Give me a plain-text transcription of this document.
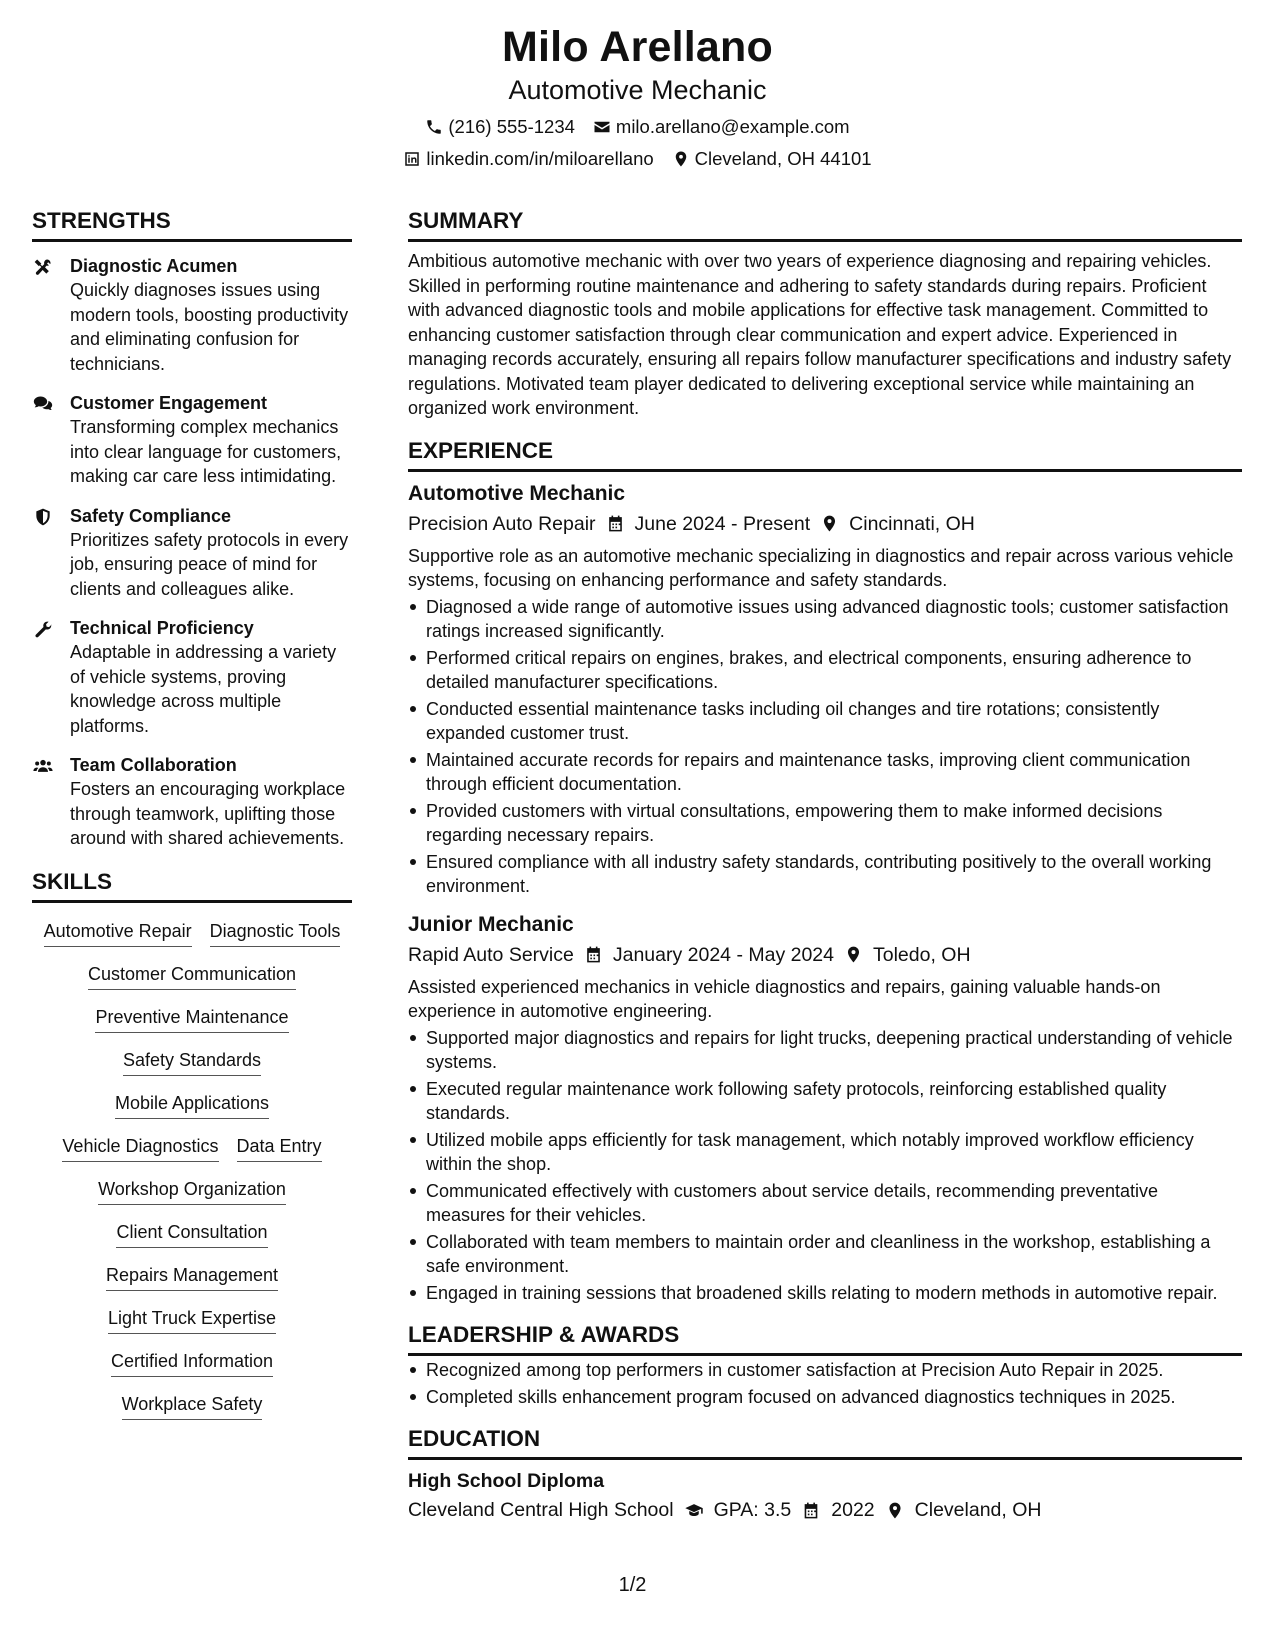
Milo Arellano
Automotive Mechanic
(216) 555-1234 milo.arellano@example.com
linkedin.com/in/miloarellano Cleveland, OH 44101
STRENGTHS
Diagnostic Acumen
Quickly diagnoses issues using modern tools, boosting productivity and eliminating confusion for technicians.
Customer Engagement
Transforming complex mechanics into clear language for customers, making car care less intimidating.
Safety Compliance
Prioritizes safety protocols in every job, ensuring peace of mind for clients and colleagues alike.
Technical Proficiency
Adaptable in addressing a variety of vehicle systems, proving knowledge across multiple platforms.
Team Collaboration
Fosters an encouraging workplace through teamwork, uplifting those around with shared achievements.
SKILLS
Automotive Repair Diagnostic Tools
Customer Communication
Preventive Maintenance
Safety Standards
Mobile Applications
Vehicle Diagnostics Data Entry
Workshop Organization
Client Consultation
Repairs Management
Light Truck Expertise
Certified Information
Workplace Safety
SUMMARY
Ambitious automotive mechanic with over two years of experience diagnosing and repairing vehicles. Skilled in performing routine maintenance and adhering to safety standards during repairs. Proficient with advanced diagnostic tools and mobile applications for effective task management. Committed to enhancing customer satisfaction through clear communication and expert advice. Experienced in managing records accurately, ensuring all repairs follow manufacturer specifications and industry safety regulations. Motivated team player dedicated to delivering exceptional service while maintaining an organized work environment.
EXPERIENCE
Automotive Mechanic
Precision Auto Repair June 2024 - Present Cincinnati, OH
Supportive role as an automotive mechanic specializing in diagnostics and repair across various vehicle systems, focusing on enhancing performance and safety standards.
Diagnosed a wide range of automotive issues using advanced diagnostic tools; customer satisfaction ratings increased significantly.
Performed critical repairs on engines, brakes, and electrical components, ensuring adherence to detailed manufacturer specifications.
Conducted essential maintenance tasks including oil changes and tire rotations; consistently expanded customer trust.
Maintained accurate records for repairs and maintenance tasks, improving client communication through efficient documentation.
Provided customers with virtual consultations, empowering them to make informed decisions regarding necessary repairs.
Ensured compliance with all industry safety standards, contributing positively to the overall working environment.
Junior Mechanic
Rapid Auto Service January 2024 - May 2024 Toledo, OH
Assisted experienced mechanics in vehicle diagnostics and repairs, gaining valuable hands-on experience in automotive engineering.
Supported major diagnostics and repairs for light trucks, deepening practical understanding of vehicle systems.
Executed regular maintenance work following safety protocols, reinforcing established quality standards.
Utilized mobile apps efficiently for task management, which notably improved workflow efficiency within the shop.
Communicated effectively with customers about service details, recommending preventative measures for their vehicles.
Collaborated with team members to maintain order and cleanliness in the workshop, establishing a safe environment.
Engaged in training sessions that broadened skills relating to modern methods in automotive repair.
LEADERSHIP & AWARDS
Recognized among top performers in customer satisfaction at Precision Auto Repair in 2025.
Completed skills enhancement program focused on advanced diagnostics techniques in 2025.
EDUCATION
High School Diploma
Cleveland Central High School GPA: 3.5 2022 Cleveland, OH
1/2
